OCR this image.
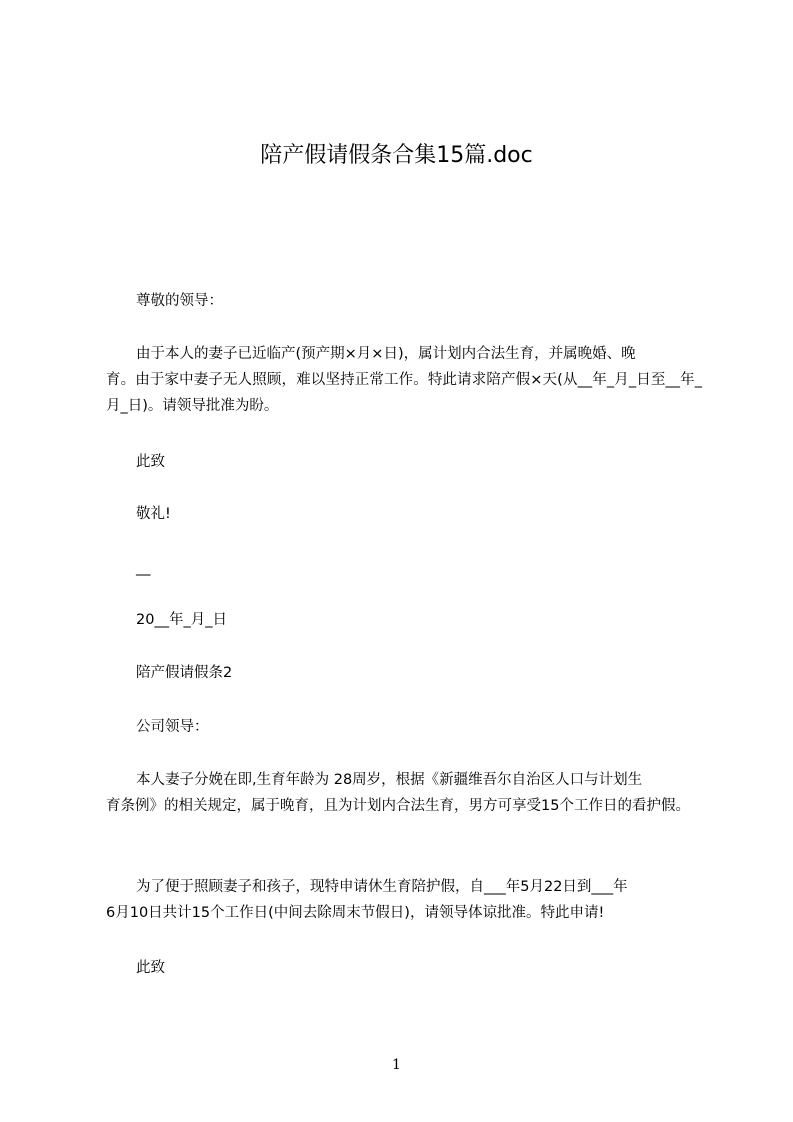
陪产假请假条合集15篇.doc
尊敬的领导：
由于本人的妻子已近临产(预产期×月×日)，属计划内合法生育，并属晚婚、晚
育。由于家中妻子无人照顾，难以坚持正常工作。特此请求陪产假×天(从__年_月_日至__年_月_日)。请领导批准为盼。
此致
敬礼!
__
20__年_月_日
陪产假请假条2
公司领导：
本人妻子分娩在即,生育年龄为 28周岁，根据《新疆维吾尔自治区人口与计划生
育条例》的相关规定，属于晚育，且为计划内合法生育，男方可享受15个工作日的看护假。
为了便于照顾妻子和孩子，现特申请休生育陪护假，自___年5月22日到___年
6月10日共计15个工作日(中间去除周末节假日)，请领导体谅批准。特此申请!
此致
1
